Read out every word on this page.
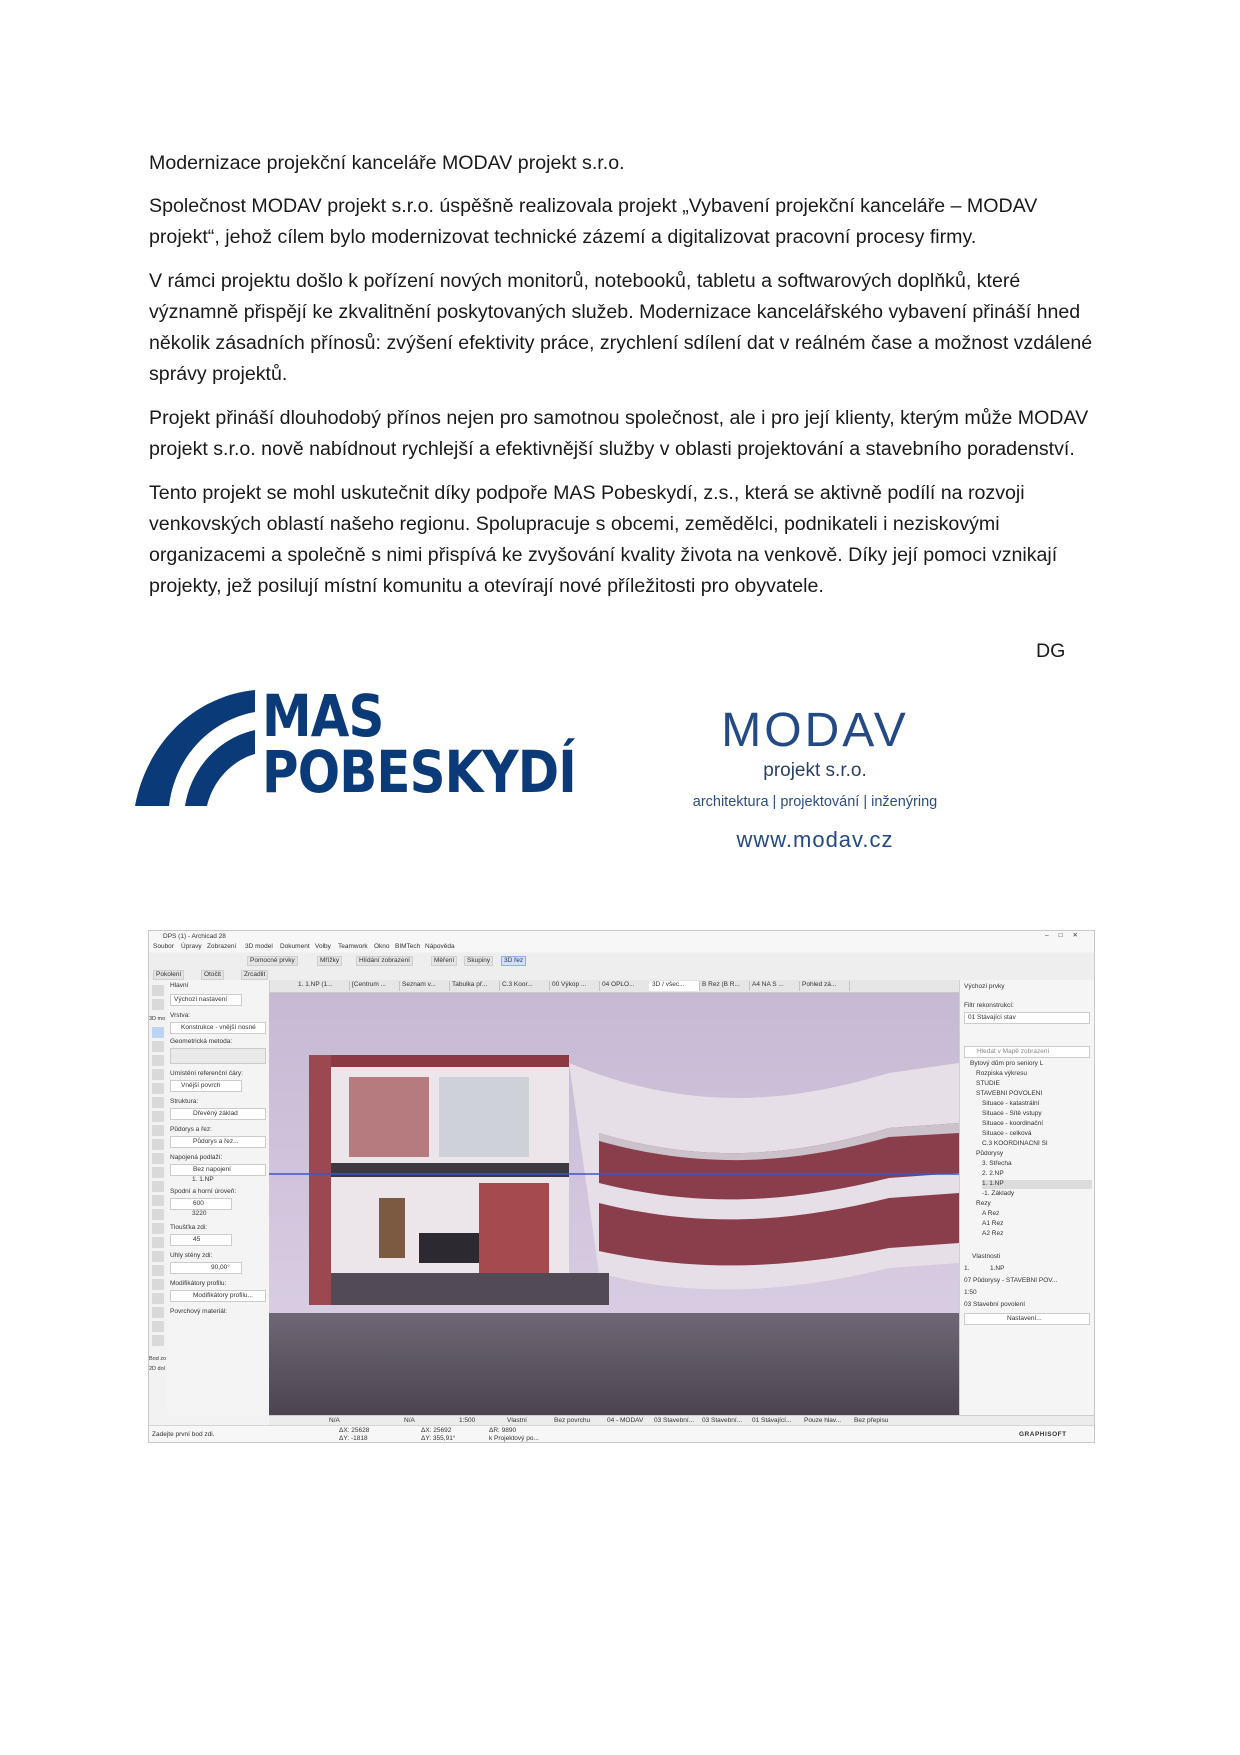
Modernizace projekční kanceláře MODAV projekt s.r.o.

Společnost MODAV projekt s.r.o. úspěšně realizovala projekt „Vybavení projekční kanceláře – MODAV projekt“, jehož cílem bylo modernizovat technické zázemí a digitalizovat pracovní procesy firmy.

V rámci projektu došlo k pořízení nových monitorů, notebooků, tabletu a softwarových doplňků, které významně přispějí ke zkvalitnění poskytovaných služeb. Modernizace kancelářského vybavení přináší hned několik zásadních přínosů: zvýšení efektivity práce, zrychlení sdílení dat v reálném čase a možnost vzdálené správy projektů.

Projekt přináší dlouhodobý přínos nejen pro samotnou společnost, ale i pro její klienty, kterým může MODAV projekt s.r.o. nově nabídnout rychlejší a efektivnější služby v oblasti projektování a stavebního poradenství.

Tento projekt se mohl uskutečnit díky podpoře MAS Pobeskydí, z.s., která se aktivně podílí na rozvoji venkovských oblastí našeho regionu. Spolupracuje s obcemi, zemědělci, podnikateli i neziskovými organizacemi a společně s nimi přispívá ke zvyšování kvality života na venkově. Díky její pomoci vznikají projekty, jež posilují místní komunitu a otevírají nové příležitosti pro obyvatele.

DG
MAS
POBESKYDÍ
MODAV
projekt s.r.o.
architektura | projektování | inženýring
www.modav.cz
DPS (1) - Archicad 28	–□✕
Soubor Úpravy Zobrazení 3D model Dokument Volby Teamwork Okno BIMTech Nápověda
Pomocné prvky	Mřížky	Hlídání zobrazení	Měření	Skupiny	3D řez
Pokolení	Otočit	Zrcadlit
1. 1.NP (1...	[Centrum ...	Seznam v...	Tabulka př...	C.3 Koor...	00 Výkop ...	04 OPLO...	3D / všec...	B Řez (B R...	A4 NA S ...	Pohled zá...
3D mo
Bod zo
2D dol
Hlavní
Výchozí nastavení
Vrstva:
Konstrukce - vnější nosné
Geometrická metoda:
Umístění referenční čáry:
Vnější povrch
Struktura:
Dřevěný základ
Půdorys a řez:
Půdorys a řez...
Napojená podlaží:
Bez napojení
1. 1.NP
Spodní a horní úroveň:
600
3220
Tloušťka zdi:
45
Úhly stěny zdi:
90,00°
Modifikátory profilu:
Modifikátory profilu...
Povrchový materiál:
Výchozí prvky
Filtr rekonstrukcí:
01 Stávající stav
Hledat v Mapě zobrazení
Bytový dům pro seniory L
Rozpiska výkresu
STUDIE
STAVEBNÍ POVOLENÍ
Situace - katastrální
Situace - Sítě vstupy
Situace - koordinační
Situace - celková
C.3 KOORDINAČNÍ SI
Půdorysy
3. Střecha
2. 2.NP
1. 1.NP
-1. Základy
Řezy
A Řez
A1 Řez
A2 Řez
Vlastnosti
1.	1.NP
07 Půdorysy - STAVEBNÍ POV...
1:50
03 Stavební povolení
Nastavení...
N/A	N/A	1:500	Vlastní	Bez povrchu	04 - MODAV 03 Stavební... 03 Stavební... 01 Stávající... Pouze hlav... Bez přepisu
Zadejte první bod zdi.
ΔX: 25628
ΔY: -1818
ΔX: 25692
ΔY: 355,91°
ΔR: 9890
k Projektový po...
GRAPHISOFT
